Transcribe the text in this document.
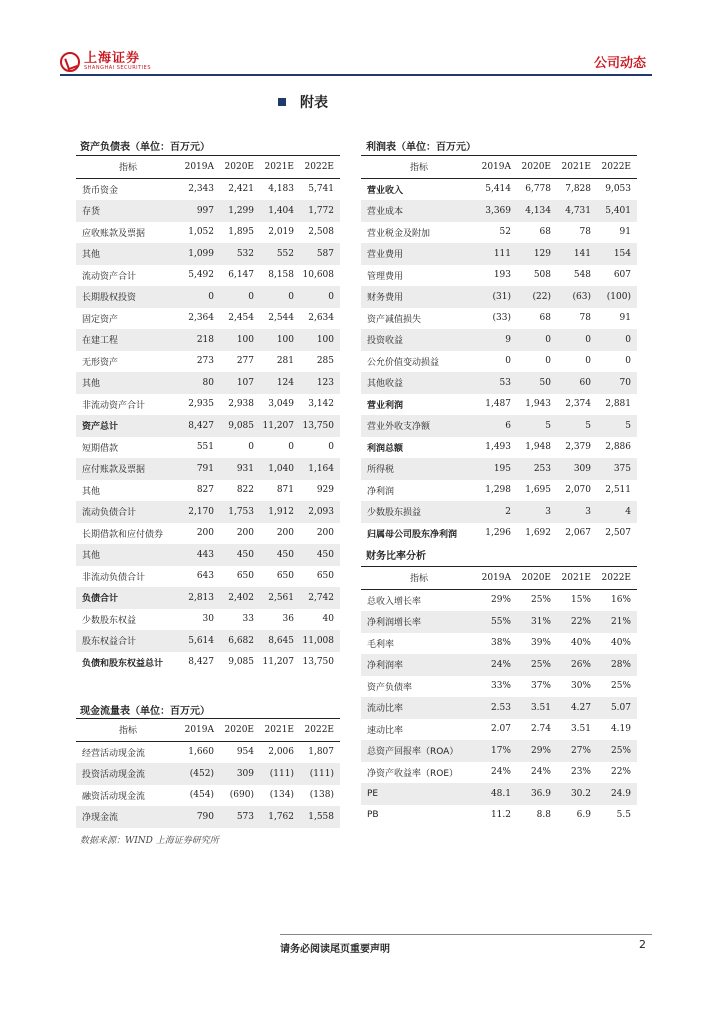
上海证券
SHANGHAI SECURITIES	公司动态
附表
资产负债表（单位：百万元）
指标	2019A	2020E	2021E	2022E
货币资金	2,343	2,421	4,183	5,741
存货	997	1,299	1,404	1,772
应收账款及票据	1,052	1,895	2,019	2,508
其他	1,099	532	552	587
流动资产合计	5,492	6,147	8,158	10,608
长期股权投资	0	0	0	0
固定资产	2,364	2,454	2,544	2,634
在建工程	218	100	100	100
无形资产	273	277	281	285
其他	80	107	124	123
非流动资产合计	2,935	2,938	3,049	3,142
资产总计	8,427	9,085	11,207	13,750
短期借款	551	0	0	0
应付账款及票据	791	931	1,040	1,164
其他	827	822	871	929
流动负债合计	2,170	1,753	1,912	2,093
长期借款和应付债券	200	200	200	200
其他	443	450	450	450
非流动负债合计	643	650	650	650
负债合计	2,813	2,402	2,561	2,742
少数股东权益	30	33	36	40
股东权益合计	5,614	6,682	8,645	11,008
负债和股东权益总计	8,427	9,085	11,207	13,750
现金流量表（单位：百万元）
指标	2019A	2020E	2021E	2022E
经营活动现金流	1,660	954	2,006	1,807
投资活动现金流	(452)	309	(111)	(111)
融资活动现金流	(454)	(690)	(134)	(138)
净现金流	790	573	1,762	1,558
利润表（单位：百万元）
指标	2019A	2020E	2021E	2022E
营业收入	5,414	6,778	7,828	9,053
营业成本	3,369	4,134	4,731	5,401
营业税金及附加	52	68	78	91
营业费用	111	129	141	154
管理费用	193	508	548	607
财务费用	(31)	(22)	(63)	(100)
资产减值损失	(33)	68	78	91
投资收益	9	0	0	0
公允价值变动损益	0	0	0	0
其他收益	53	50	60	70
营业利润	1,487	1,943	2,374	2,881
营业外收支净额	6	5	5	5
利润总额	1,493	1,948	2,379	2,886
所得税	195	253	309	375
净利润	1,298	1,695	2,070	2,511
少数股东损益	2	3	3	4
归属母公司股东净利润	1,296	1,692	2,067	2,507
财务比率分析
指标	2019A	2020E	2021E	2022E
总收入增长率	29%	25%	15%	16%
净利润增长率	55%	31%	22%	21%
毛利率	38%	39%	40%	40%
净利润率	24%	25%	26%	28%
资产负债率	33%	37%	30%	25%
流动比率	2.53	3.51	4.27	5.07
速动比率	2.07	2.74	3.51	4.19
总资产回报率（ROA）	17%	29%	27%	25%
净资产收益率（ROE）	24%	24%	23%	22%
PE	48.1	36.9	30.2	24.9
PB	11.2	8.8	6.9	5.5
数据来源：WIND 上海证券研究所
请务必阅读尾页重要声明	2
